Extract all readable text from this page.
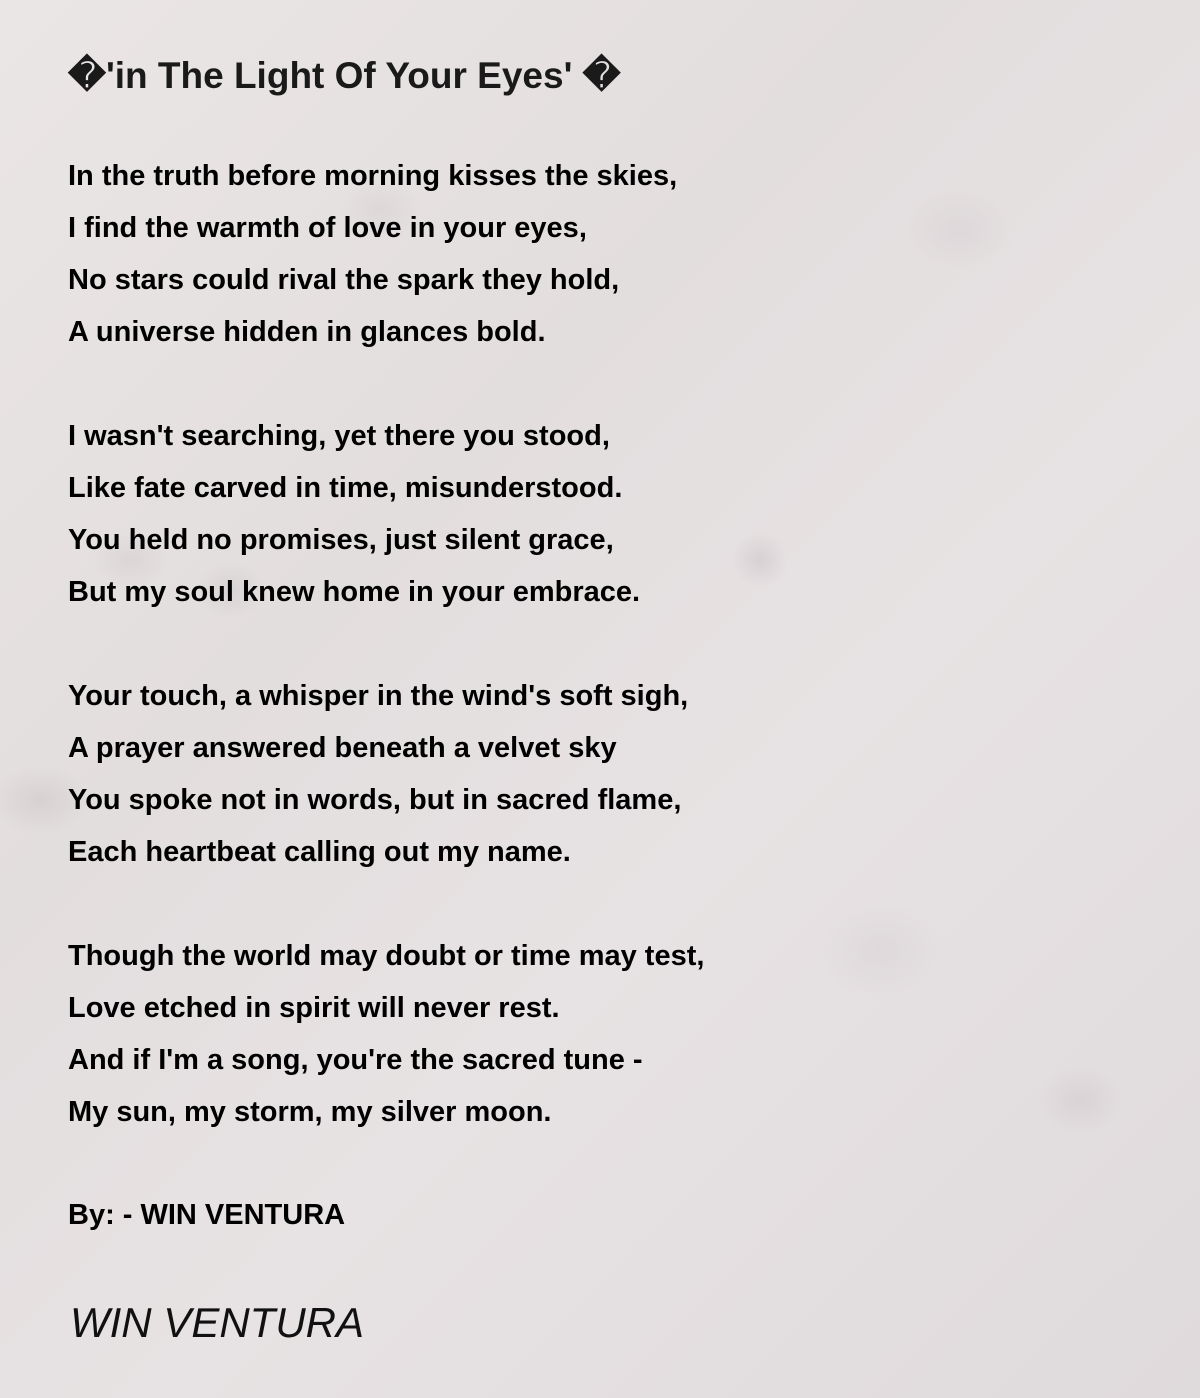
�'in The Light Of Your Eyes' �
In the truth before morning kisses the skies,
I find the warmth of love in your eyes,
No stars could rival the spark they hold,
A universe hidden in glances bold.
I wasn't searching, yet there you stood,
Like fate carved in time, misunderstood.
You held no promises, just silent grace,
But my soul knew home in your embrace.
Your touch, a whisper in the wind's soft sigh,
A prayer answered beneath a velvet sky
You spoke not in words, but in sacred flame,
Each heartbeat calling out my name.
Though the world may doubt or time may test,
Love etched in spirit will never rest.
And if I'm a song, you're the sacred tune -
My sun, my storm, my silver moon.

By: - WIN VENTURA

WIN VENTURA
